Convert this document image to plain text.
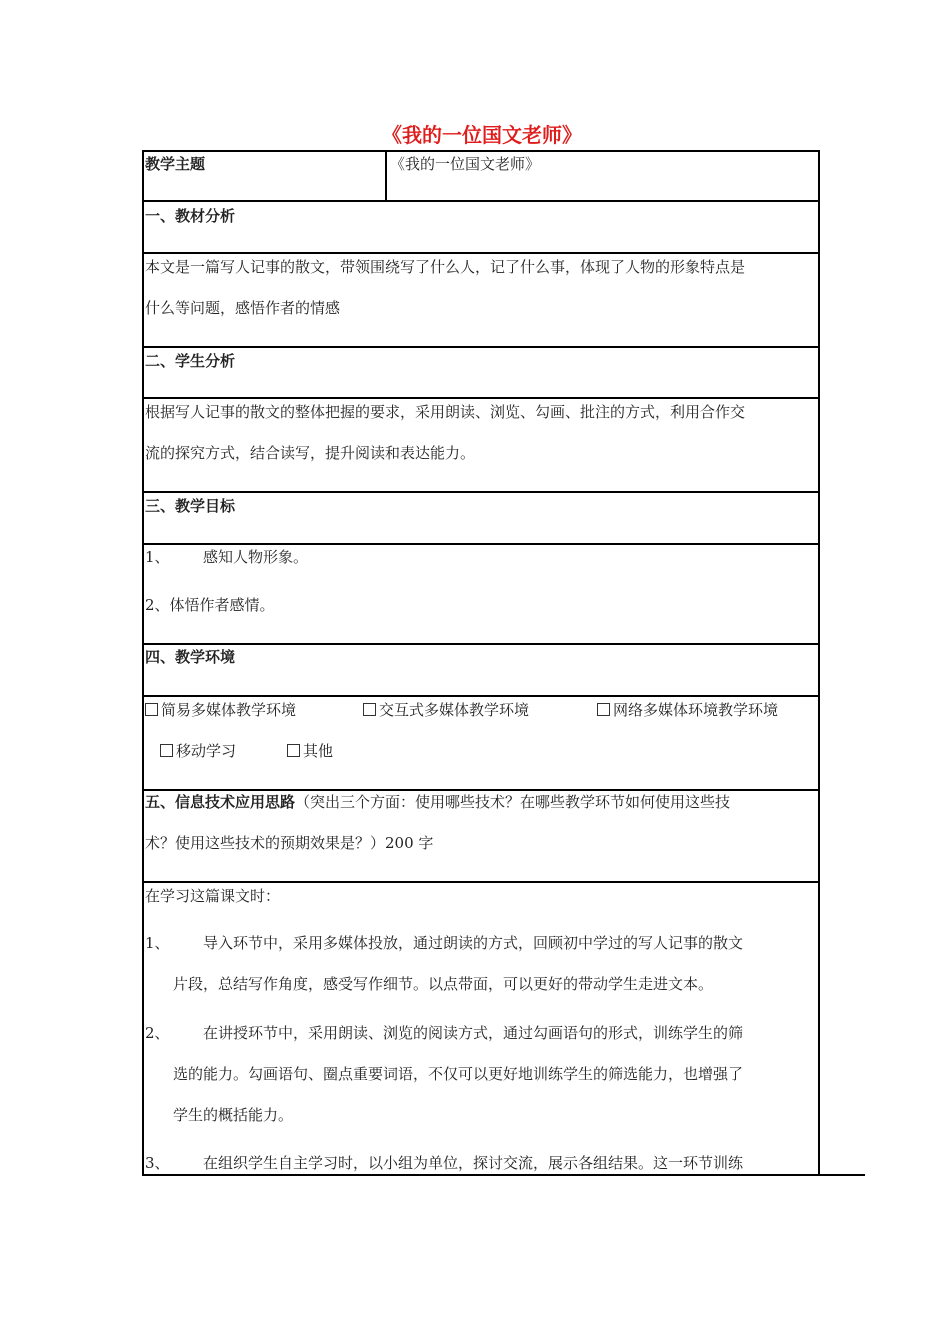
《我的一位国文老师》
教学主题	《我的一位国文老师》
一、教材分析
本文是一篇写人记事的散文，带领围绕写了什么人，记了什么事，体现了人物的形象特点是
什么等问题，感悟作者的情感
二、学生分析
根据写人记事的散文的整体把握的要求，采用朗读、浏览、勾画、批注的方式，利用合作交
流的探究方式，结合读写，提升阅读和表达能力。
三、教学目标
1、 感知人物形象。
2、体悟作者感情。
四、教学环境
简易多媒体教学环境	交互式多媒体教学环境	网络多媒体环境教学环境
移动学习	其他
五、信息技术应用思路（突出三个方面：使用哪些技术？在哪些教学环节如何使用这些技
术？使用这些技术的预期效果是？）200 字
在学习这篇课文时：
1、 导入环节中，采用多媒体投放，通过朗读的方式，回顾初中学过的写人记事的散文
片段，总结写作角度，感受写作细节。以点带面，可以更好的带动学生走进文本。
2、 在讲授环节中，采用朗读、浏览的阅读方式，通过勾画语句的形式，训练学生的筛
选的能力。勾画语句、圈点重要词语，不仅可以更好地训练学生的筛选能力，也增强了
学生的概括能力。
3、 在组织学生自主学习时，以小组为单位，探讨交流，展示各组结果。这一环节训练
